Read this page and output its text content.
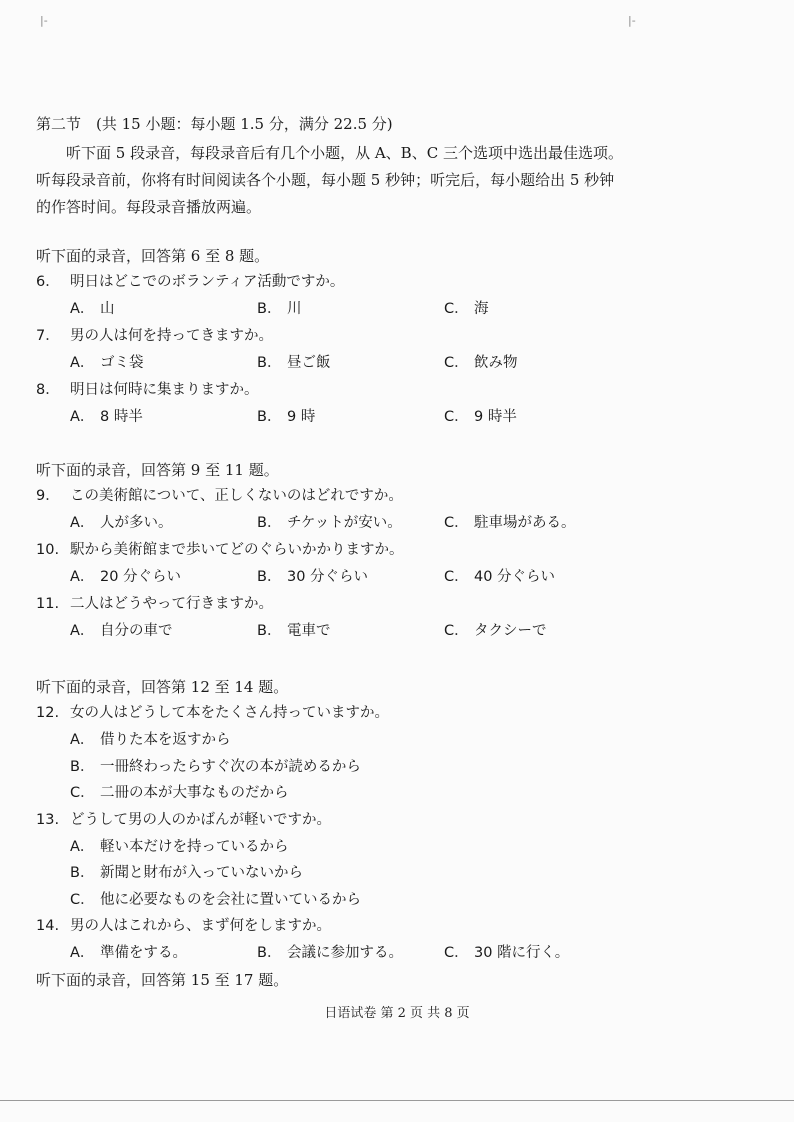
|-	|-
第二节　(共 15 小题：每小题 1.5 分，满分 22.5 分)
听下面 5 段录音，每段录音后有几个小题，从 A、B、C 三个选项中选出最佳选项。
听每段录音前，你将有时间阅读各个小题，每小题 5 秒钟；听完后，每小题给出 5 秒钟
的作答时间。每段录音播放两遍。
听下面的录音，回答第 6 至 8 题。
6． 明日はどこでのボランティア活動ですか。
A． 山	B． 川	C． 海
7． 男の人は何を持ってきますか。
A． ゴミ袋	B． 昼ご飯	C． 飲み物
8． 明日は何時に集まりますか。
A． 8 時半	B． 9 時	C． 9 時半
听下面的录音，回答第 9 至 11 题。
9． この美術館について、正しくないのはどれですか。
A． 人が多い。	B． チケットが安い。	C． 駐車場がある。
10. 駅から美術館まで歩いてどのぐらいかかりますか。
A． 20 分ぐらい	B． 30 分ぐらい	C． 40 分ぐらい
11. 二人はどうやって行きますか。
A． 自分の車で	B． 電車で	C． タクシーで
听下面的录音，回答第 12 至 14 题。
12. 女の人はどうして本をたくさん持っていますか。
A． 借りた本を返すから
B． 一冊終わったらすぐ次の本が読めるから
C． 二冊の本が大事なものだから
13. どうして男の人のかばんが軽いですか。
A． 軽い本だけを持っているから
B． 新聞と財布が入っていないから
C． 他に必要なものを会社に置いているから
14. 男の人はこれから、まず何をしますか。
A． 準備をする。	B． 会議に参加する。	C． 30 階に行く。
听下面的录音，回答第 15 至 17 题。
日语试卷 第 2 页 共 8 页
